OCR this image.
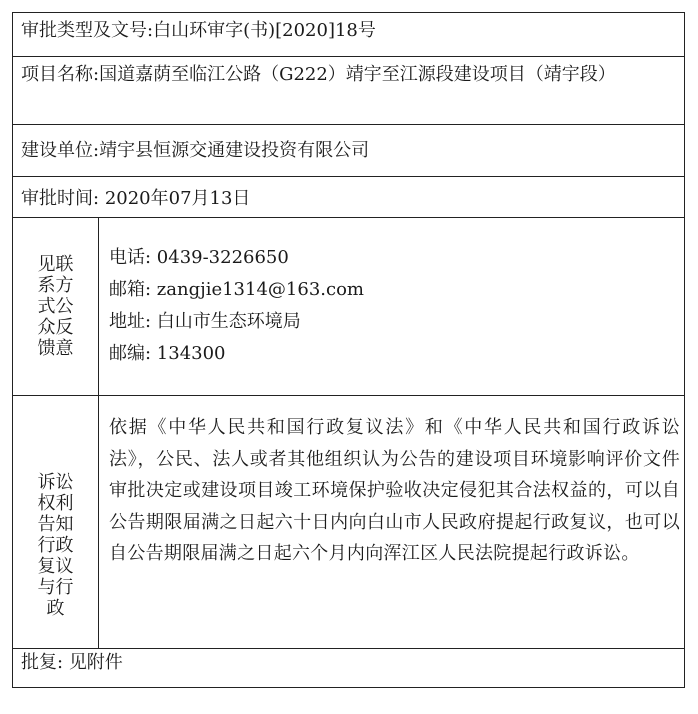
审批类型及文号:白山环审字(书)[2020]18号
项目名称:国道嘉荫至临江公路（G222）靖宇至江源段建设项目（靖宇段）
建设单位:靖宇县恒源交通建设投资有限公司
审批时间: 2020年07月13日
见联系方式公众反馈意
电话: 0439-3226650
邮箱: zangjie1314@163.com
地址: 白山市生态环境局
邮编: 134300
诉讼权利告知行政复议与行政
依据《中华人民共和国行政复议法》和《中华人民共和国行政诉讼法》，公民、法人或者其他组织认为公告的建设项目环境影响评价文件审批决定或建设项目竣工环境保护验收决定侵犯其合法权益的，可以自公告期限届满之日起六十日内向白山市人民政府提起行政复议，也可以自公告期限届满之日起六个月内向浑江区人民法院提起行政诉讼。
批复: 见附件
